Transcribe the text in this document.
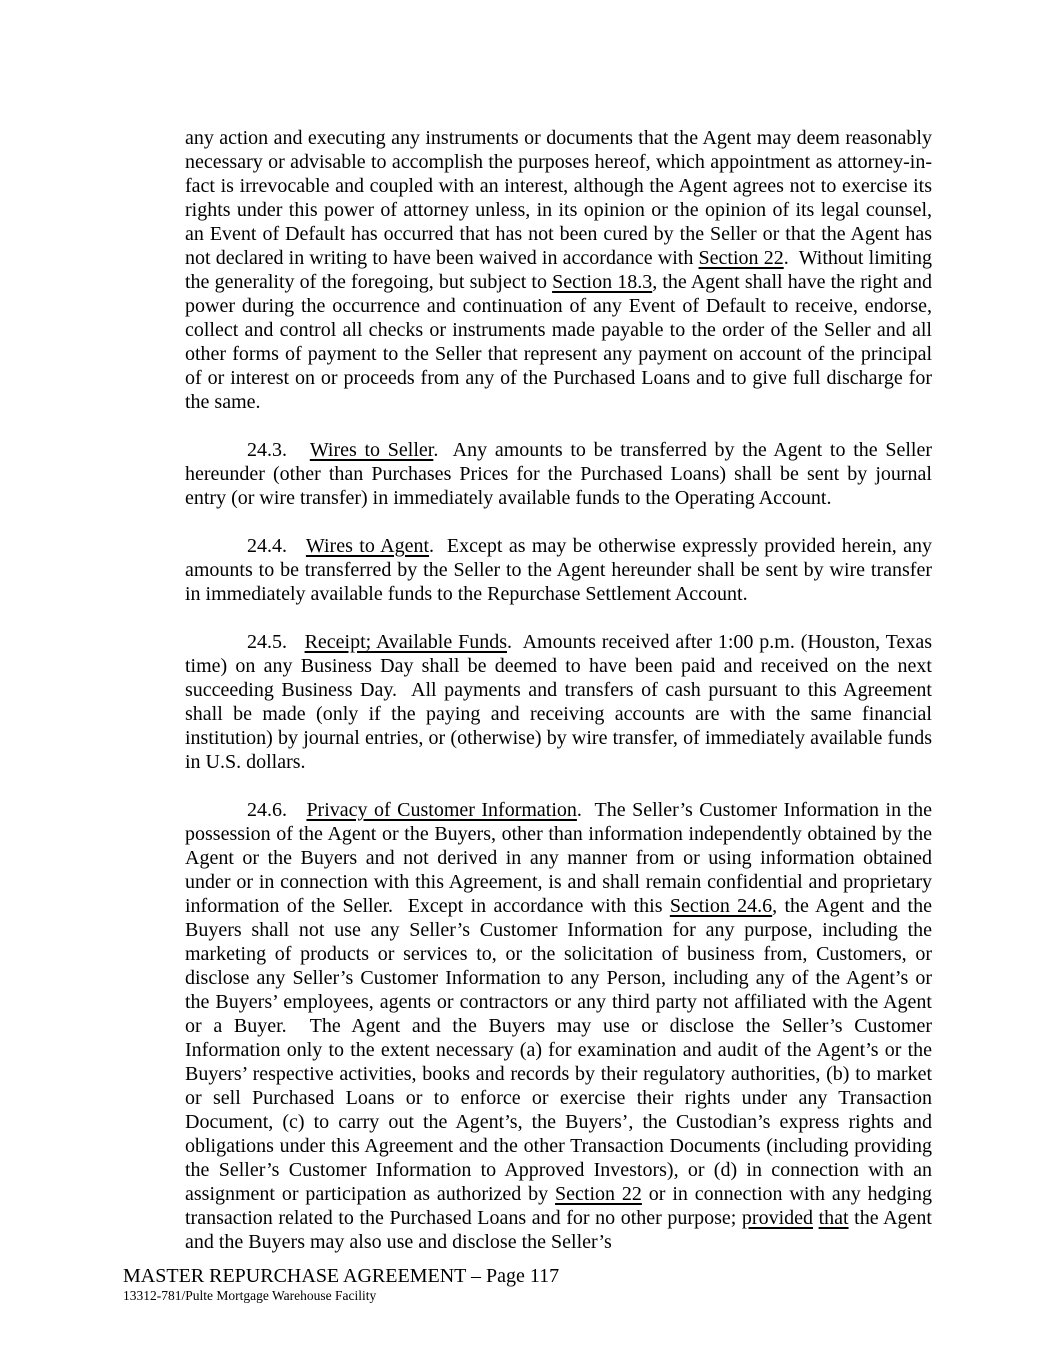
any action and executing any instruments or documents that the Agent may deem reasonably necessary or advisable to accomplish the purposes hereof, which appointment as attorney-in-fact is irrevocable and coupled with an interest, although the Agent agrees not to exercise its rights under this power of attorney unless, in its opinion or the opinion of its legal counsel, an Event of Default has occurred that has not been cured by the Seller or that the Agent has not declared in writing to have been waived in accordance with Section 22.  Without limiting the generality of the foregoing, but subject to Section 18.3, the Agent shall have the right and power during the occurrence and continuation of any Event of Default to receive, endorse, collect and control all checks or instruments made payable to the order of the Seller and all other forms of payment to the Seller that represent any payment on account of the principal of or interest on or proceeds from any of the Purchased Loans and to give full discharge for the same.

24.3.   Wires to Seller.  Any amounts to be transferred by the Agent to the Seller hereunder (other than Purchases Prices for the Purchased Loans) shall be sent by journal entry (or wire transfer) in immediately available funds to the Operating Account.

24.4.   Wires to Agent.  Except as may be otherwise expressly provided herein, any amounts to be transferred by the Seller to the Agent hereunder shall be sent by wire transfer in immediately available funds to the Repurchase Settlement Account.

24.5.   Receipt; Available Funds.  Amounts received after 1:00 p.m. (Houston, Texas time) on any Business Day shall be deemed to have been paid and received on the next succeeding Business Day.  All payments and transfers of cash pursuant to this Agreement shall be made (only if the paying and receiving accounts are with the same financial institution) by journal entries, or (otherwise) by wire transfer, of immediately available funds in U.S. dollars.

24.6.   Privacy of Customer Information.  The Seller’s Customer Information in the possession of the Agent or the Buyers, other than information independently obtained by the Agent or the Buyers and not derived in any manner from or using information obtained under or in connection with this Agreement, is and shall remain confidential and proprietary information of the Seller.  Except in accordance with this Section 24.6, the Agent and the Buyers shall not use any Seller’s Customer Information for any purpose, including the marketing of products or services to, or the solicitation of business from, Customers, or disclose any Seller’s Customer Information to any Person, including any of the Agent’s or the Buyers’ employees, agents or contractors or any third party not affiliated with the Agent or a Buyer.  The Agent and the Buyers may use or disclose the Seller’s Customer Information only to the extent necessary (a) for examination and audit of the Agent’s or the Buyers’ respective activities, books and records by their regulatory authorities, (b) to market or sell Purchased Loans or to enforce or exercise their rights under any Transaction Document, (c) to carry out the Agent’s, the Buyers’, the Custodian’s express rights and obligations under this Agreement and the other Transaction Documents (including providing the Seller’s Customer Information to Approved Investors), or (d) in connection with an assignment or participation as authorized by Section 22 or in connection with any hedging transaction related to the Purchased Loans and for no other purpose; provided that the Agent and the Buyers may also use and disclose the Seller’s

MASTER REPURCHASE AGREEMENT – Page 117
13312-781/Pulte Mortgage Warehouse Facility
